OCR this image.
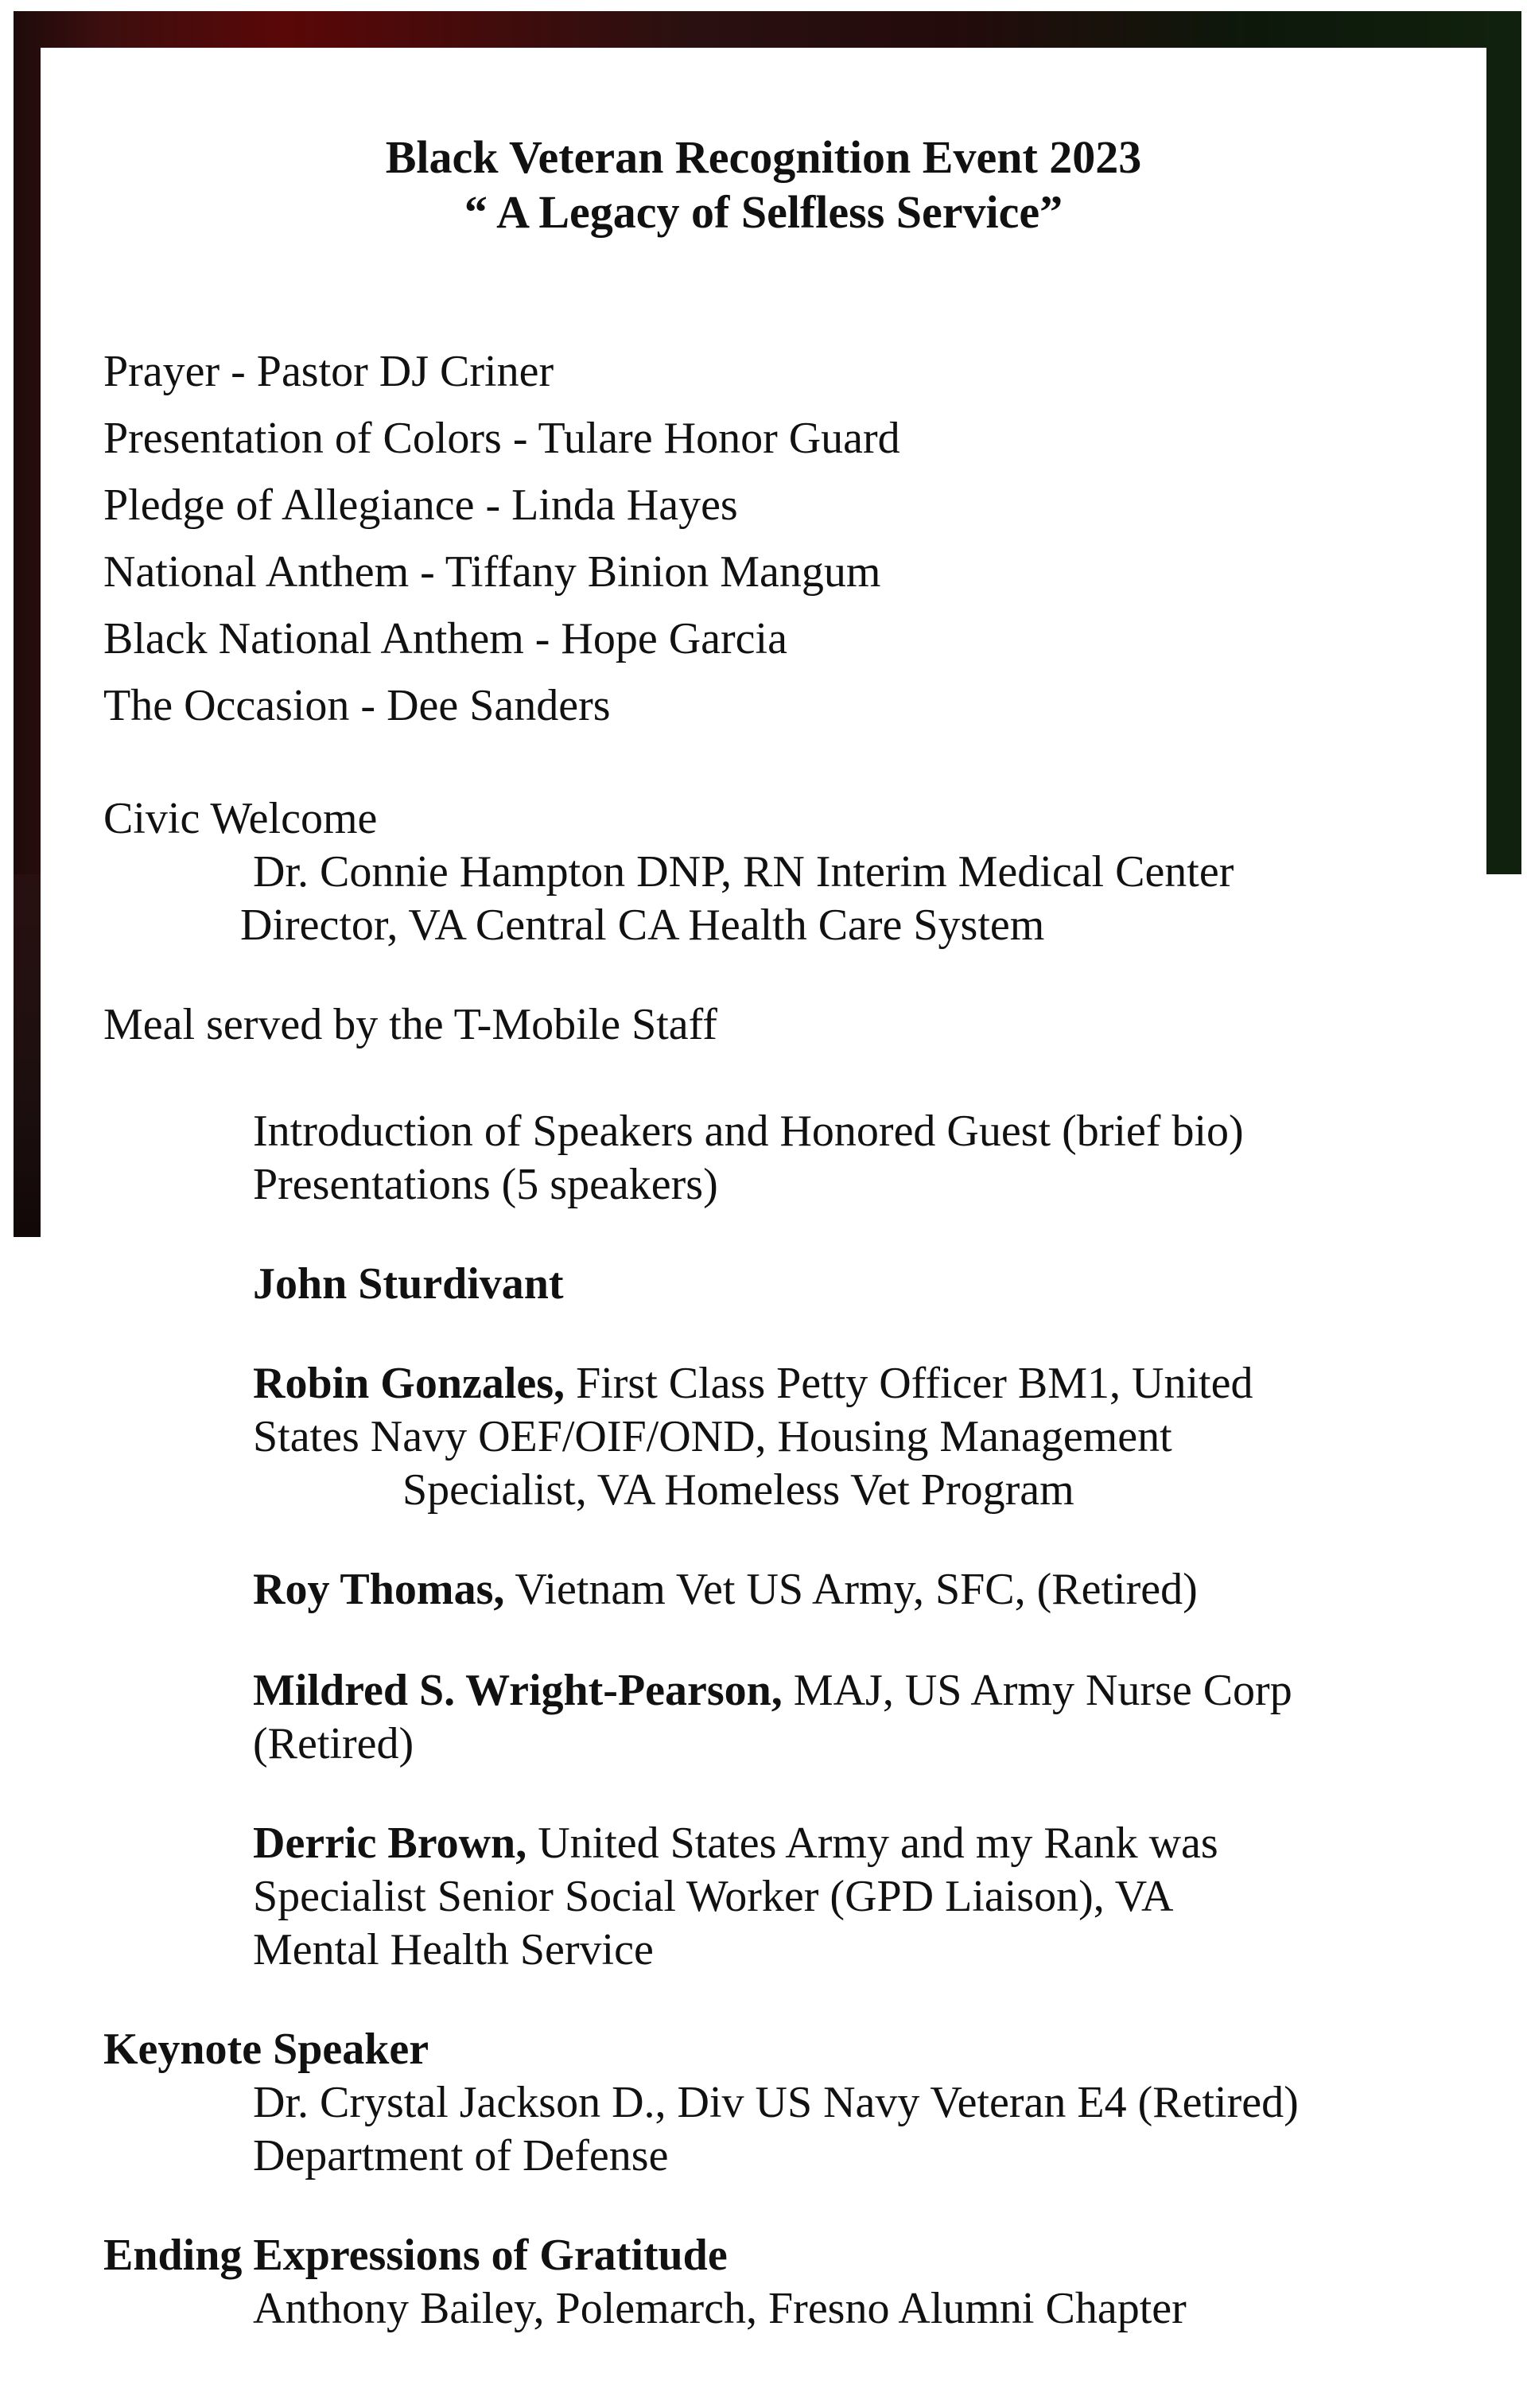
Black Veteran Recognition Event 2023
“ A Legacy of Selfless Service”

Prayer - Pastor DJ Criner

Presentation of Colors - Tulare Honor Guard

Pledge of Allegiance - Linda Hayes

National Anthem - Tiffany Binion Mangum

Black National Anthem - Hope Garcia

The Occasion - Dee Sanders

Civic Welcome

Dr. Connie Hampton DNP, RN Interim Medical Center

Director, VA Central CA Health Care System

Meal served by the T-Mobile Staff

Introduction of Speakers and Honored Guest (brief bio)

Presentations (5 speakers)

John Sturdivant

Robin Gonzales, First Class Petty Officer BM1, United

States Navy OEF/OIF/OND, Housing Management

Specialist, VA Homeless Vet Program

Roy Thomas, Vietnam Vet US Army, SFC, (Retired)

Mildred S. Wright-Pearson, MAJ, US Army Nurse Corp

(Retired)

Derric Brown, United States Army and my Rank was

Specialist Senior Social Worker (GPD Liaison), VA

Mental Health Service

Keynote Speaker

Dr. Crystal Jackson D., Div US Navy Veteran E4 (Retired)

Department of Defense

Ending Expressions of Gratitude

Anthony Bailey, Polemarch, Fresno Alumni Chapter
